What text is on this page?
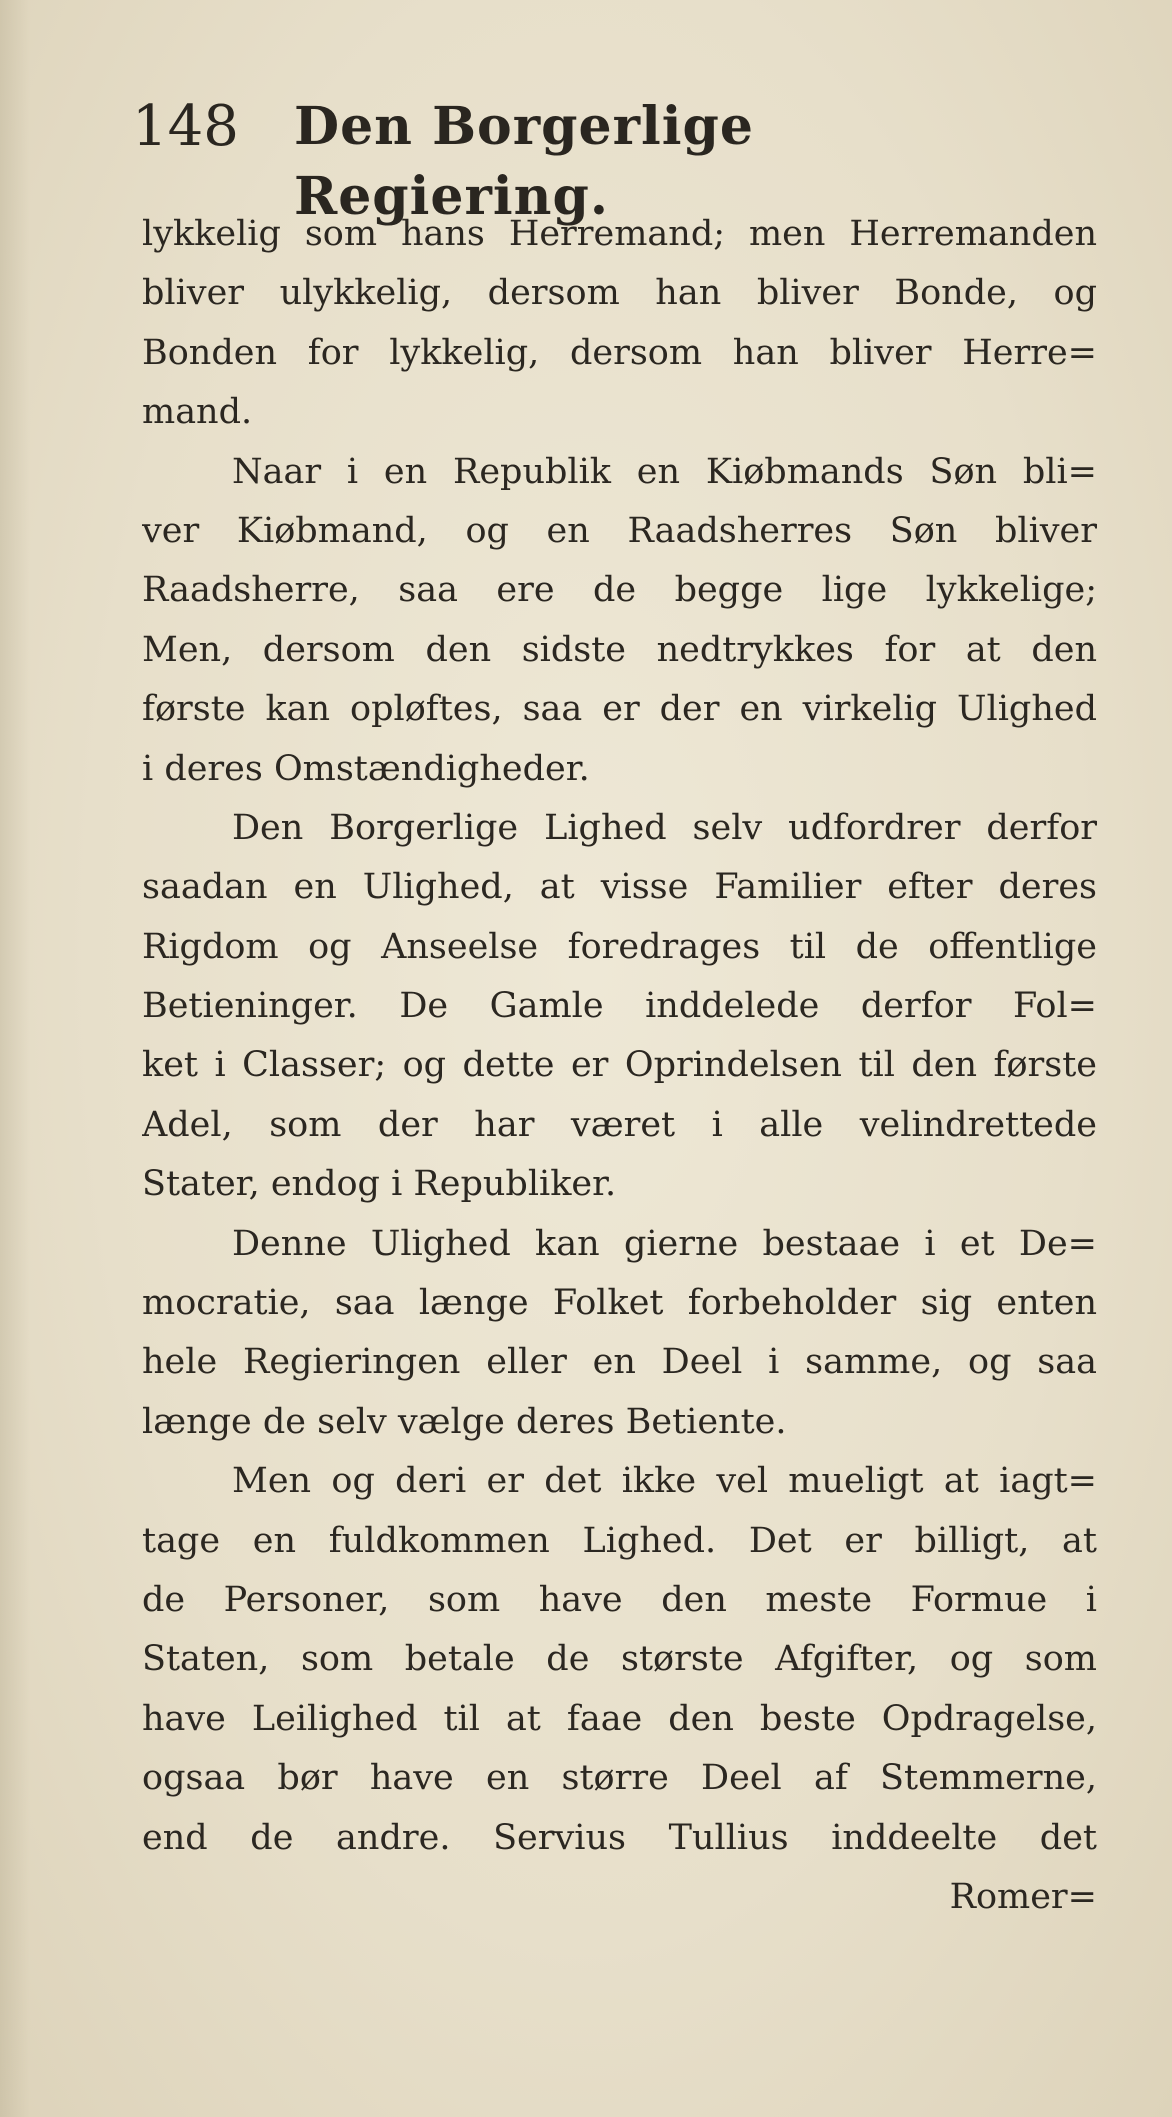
148 Den Borgerlige Regiering.
lykkelig som hans Herremand; men Herremanden
bliver ulykkelig, dersom han bliver Bonde, og
Bonden for lykkelig, dersom han bliver Herre=
mand.
Naar i en Republik en Kiøbmands Søn bli=
ver Kiøbmand, og en Raadsherres Søn bliver
Raadsherre, saa ere de begge lige lykkelige;
Men, dersom den sidste nedtrykkes for at den
første kan opløftes, saa er der en virkelig Ulighed
i deres Omstændigheder.
Den Borgerlige Lighed selv udfordrer derfor
saadan en Ulighed, at visse Familier efter deres
Rigdom og Anseelse foredrages til de offentlige
Betieninger. De Gamle inddelede derfor Fol=
ket i Classer; og dette er Oprindelsen til den første
Adel, som der har været i alle velindrettede
Stater, endog i Republiker.
Denne Ulighed kan gierne bestaae i et De=
mocratie, saa længe Folket forbeholder sig enten
hele Regieringen eller en Deel i samme, og saa
længe de selv vælge deres Betiente.
Men og deri er det ikke vel mueligt at iagt=
tage en fuldkommen Lighed. Det er billigt, at
de Personer, som have den meste Formue i
Staten, som betale de største Afgifter, og som
have Leilighed til at faae den beste Opdragelse,
ogsaa bør have en større Deel af Stemmerne,
end de andre. Servius Tullius inddeelte det
Romer=
